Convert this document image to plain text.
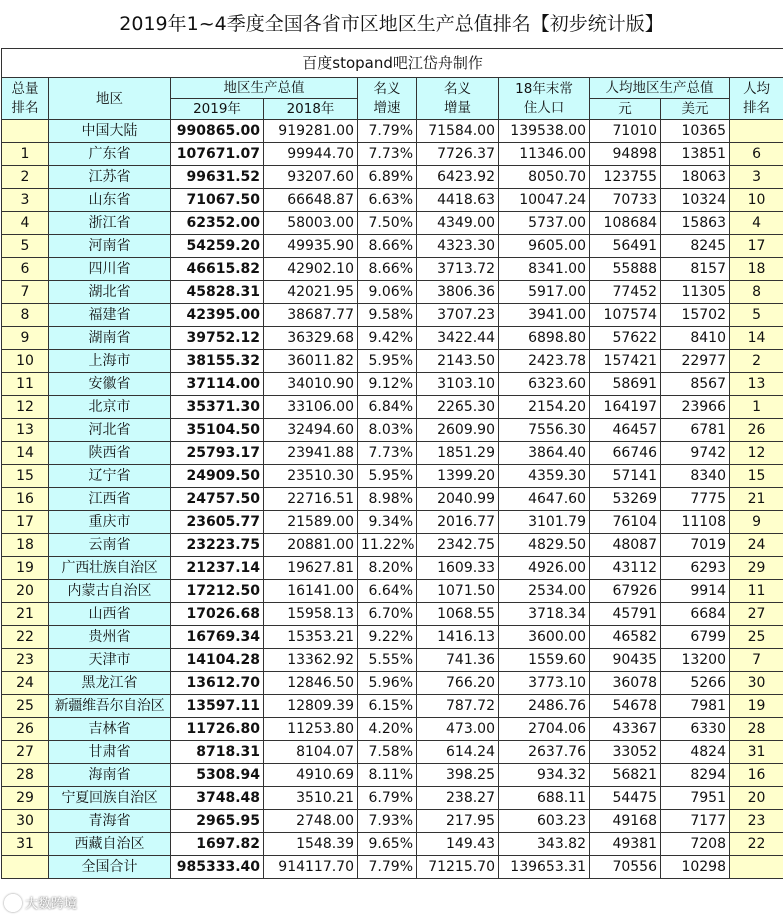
2019年1~4季度全国各省市区地区生产总值排名【初步统计版】
百度stopand吧江岱舟制作									
总量排名	地区	地区生产总值		名义增速	名义增量	18年末常住人口	人均地区生产总值		人均排名
		2019年	2018年				元	美元	
	中国大陆	990865.00	919281.00	7.79%	71584.00	139538.00	71010	10365	
1	广东省	107671.07	99944.70	7.73%	7726.37	11346.00	94898	13851	6
2	江苏省	99631.52	93207.60	6.89%	6423.92	8050.70	123755	18063	3
3	山东省	71067.50	66648.87	6.63%	4418.63	10047.24	70733	10324	10
4	浙江省	62352.00	58003.00	7.50%	4349.00	5737.00	108684	15863	4
5	河南省	54259.20	49935.90	8.66%	4323.30	9605.00	56491	8245	17
6	四川省	46615.82	42902.10	8.66%	3713.72	8341.00	55888	8157	18
7	湖北省	45828.31	42021.95	9.06%	3806.36	5917.00	77452	11305	8
8	福建省	42395.00	38687.77	9.58%	3707.23	3941.00	107574	15702	5
9	湖南省	39752.12	36329.68	9.42%	3422.44	6898.80	57622	8410	14
10	上海市	38155.32	36011.82	5.95%	2143.50	2423.78	157421	22977	2
11	安徽省	37114.00	34010.90	9.12%	3103.10	6323.60	58691	8567	13
12	北京市	35371.30	33106.00	6.84%	2265.30	2154.20	164197	23966	1
13	河北省	35104.50	32494.60	8.03%	2609.90	7556.30	46457	6781	26
14	陕西省	25793.17	23941.88	7.73%	1851.29	3864.40	66746	9742	12
15	辽宁省	24909.50	23510.30	5.95%	1399.20	4359.30	57141	8340	15
16	江西省	24757.50	22716.51	8.98%	2040.99	4647.60	53269	7775	21
17	重庆市	23605.77	21589.00	9.34%	2016.77	3101.79	76104	11108	9
18	云南省	23223.75	20881.00	11.22%	2342.75	4829.50	48087	7019	24
19	广西壮族自治区	21237.14	19627.81	8.20%	1609.33	4926.00	43112	6293	29
20	内蒙古自治区	17212.50	16141.00	6.64%	1071.50	2534.00	67926	9914	11
21	山西省	17026.68	15958.13	6.70%	1068.55	3718.34	45791	6684	27
22	贵州省	16769.34	15353.21	9.22%	1416.13	3600.00	46582	6799	25
23	天津市	14104.28	13362.92	5.55%	741.36	1559.60	90435	13200	7
24	黑龙江省	13612.70	12846.50	5.96%	766.20	3773.10	36078	5266	30
25	新疆维吾尔自治区	13597.11	12809.39	6.15%	787.72	2486.76	54678	7981	19
26	吉林省	11726.80	11253.80	4.20%	473.00	2704.06	43367	6330	28
27	甘肃省	8718.31	8104.07	7.58%	614.24	2637.76	33052	4824	31
28	海南省	5308.94	4910.69	8.11%	398.25	934.32	56821	8294	16
29	宁夏回族自治区	3748.48	3510.21	6.79%	238.27	688.11	54475	7951	20
30	青海省	2965.95	2748.00	7.93%	217.95	603.23	49168	7177	23
31	西藏自治区	1697.82	1548.39	9.65%	149.43	343.82	49381	7208	22
	全国合计	985333.40	914117.70	7.79%	71215.70	139653.31	70556	10298	
大数跨境
